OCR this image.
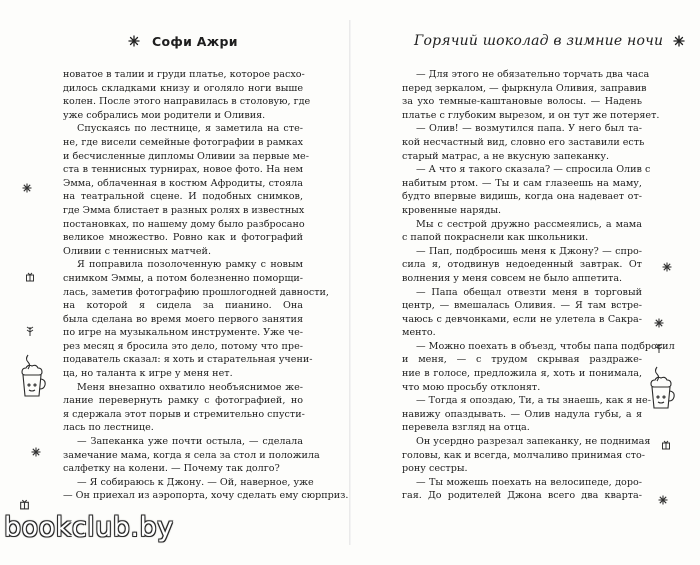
Софи Ажри
новатое в талии и груди платье, которое расхо-
дилось складками книзу и оголяло ноги выше
колен. После этого направилась в столовую, где
уже собрались мои родители и Оливия.
Спускаясь по лестнице, я заметила на сте-
не, где висели семейные фотографии в рамках
и бесчисленные дипломы Оливии за первые ме-
ста в теннисных турнирах, новое фото. На нем
Эмма, облаченная в костюм Афродиты, стояла
на театральной сцене. И подобных снимков,
где Эмма блистает в разных ролях в известных
постановках, по нашему дому было разбросано
великое множество. Ровно как и фотографий
Оливии с теннисных матчей.
Я поправила позолоченную рамку с новым
снимком Эммы, а потом болезненно поморщи-
лась, заметив фотографию прошлогодней давности,
на которой я сидела за пианино. Она
была сделана во время моего первого занятия
по игре на музыкальном инструменте. Уже че-
рез месяц я бросила это дело, потому что пре-
подаватель сказал: я хоть и старательная учени-
ца, но таланта к игре у меня нет.
Меня внезапно охватило необъяснимое же-
лание перевернуть рамку с фотографией, но
я сдержала этот порыв и стремительно спусти-
лась по лестнице.
— Запеканка уже почти остыла, — сделала
замечание мама, когда я села за стол и положила
салфетку на колени. — Почему так долго?
— Я собираюсь к Джону. — Ой, наверное, уже
— Он приехал из аэропорта, хочу сделать ему сюрприз.
Горячий шоколад в зимние ночи
— Для этого не обязательно торчать два часа
перед зеркалом, — фыркнула Оливия, заправив
за ухо темные-каштановые волосы. — Надень
платье с глубоким вырезом, и он тут же потеряет.
— Олив! — возмутился папа. У него был та-
кой несчастный вид, словно его заставили есть
старый матрас, а не вкусную запеканку.
— А что я такого сказала? — спросила Олив с
набитым ртом. — Ты и сам глазеешь на маму,
будто впервые видишь, когда она надевает от-
кровенные наряды.
Мы с сестрой дружно рассмеялись, а мама
с папой покраснели как школьники.
— Пап, подбросишь меня к Джону? — спро-
сила я, отодвинув недоеденный завтрак. От
волнения у меня совсем не было аппетита.
— Папа обещал отвезти меня в торговый
центр, — вмешалась Оливия. — Я там встре-
чаюсь с девчонками, если не улетела в Сакра-
менто.
— Можно поехать в объезд, чтобы папа подбросил
и меня, — с трудом скрывая раздраже-
ние в голосе, предложила я, хоть и понимала,
что мою просьбу отклонят.
— Тогда я опоздаю, Ти, а ты знаешь, как я не-
навижу опаздывать. — Олив надула губы, а я
перевела взгляд на отца.
Он усердно разрезал запеканку, не поднимая
головы, как и всегда, молчаливо принимая сто-
рону сестры.
— Ты можешь поехать на велосипеде, доро-
гая. До родителей Джона всего два кварта-
bookclub.by
